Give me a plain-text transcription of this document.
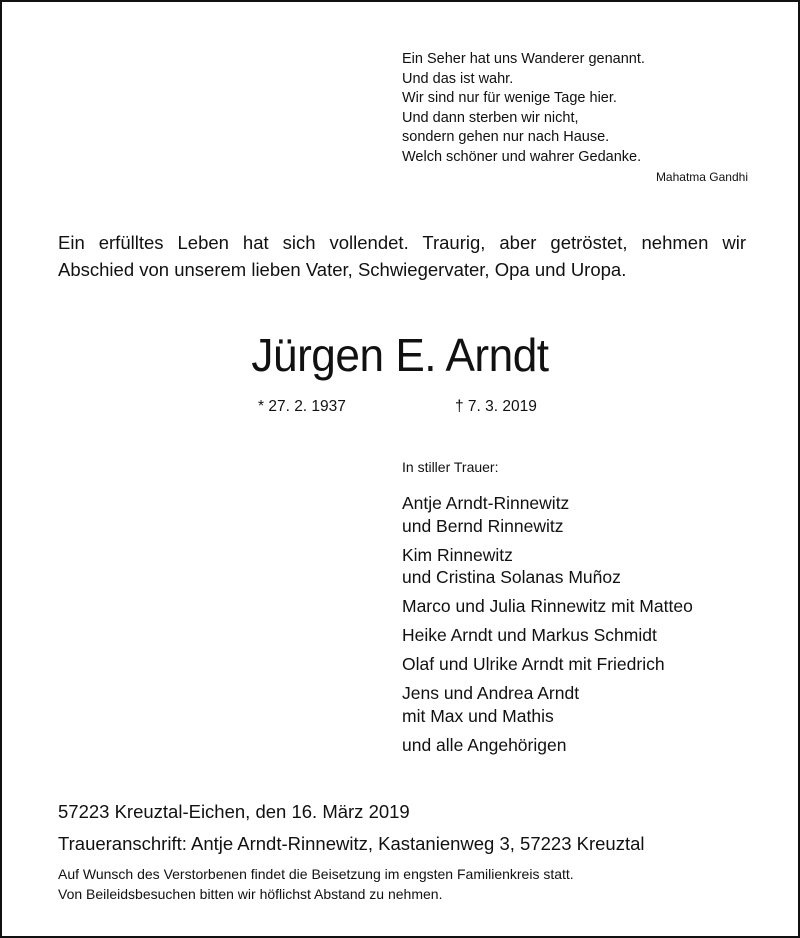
Ein Seher hat uns Wanderer genannt.
Und das ist wahr.
Wir sind nur für wenige Tage hier.
Und dann sterben wir nicht,
sondern gehen nur nach Hause.
Welch schöner und wahrer Gedanke.
Mahatma Gandhi
Ein erfülltes Leben hat sich vollendet. Traurig, aber getröstet, nehmen wir
Abschied von unserem lieben Vater, Schwiegervater, Opa und Uropa.
Jürgen E. Arndt
* 27. 2. 1937	† 7. 3. 2019
In stiller Trauer:
Antje Arndt-Rinnewitz
und Bernd Rinnewitz
Kim Rinnewitz
und Cristina Solanas Muñoz
Marco und Julia Rinnewitz mit Matteo
Heike Arndt und Markus Schmidt
Olaf und Ulrike Arndt mit Friedrich
Jens und Andrea Arndt
mit Max und Mathis
und alle Angehörigen
57223 Kreuztal-Eichen, den 16. März 2019
Traueranschrift: Antje Arndt-Rinnewitz, Kastanienweg 3, 57223 Kreuztal
Auf Wunsch des Verstorbenen findet die Beisetzung im engsten Familienkreis statt.
Von Beileidsbesuchen bitten wir höflichst Abstand zu nehmen.
